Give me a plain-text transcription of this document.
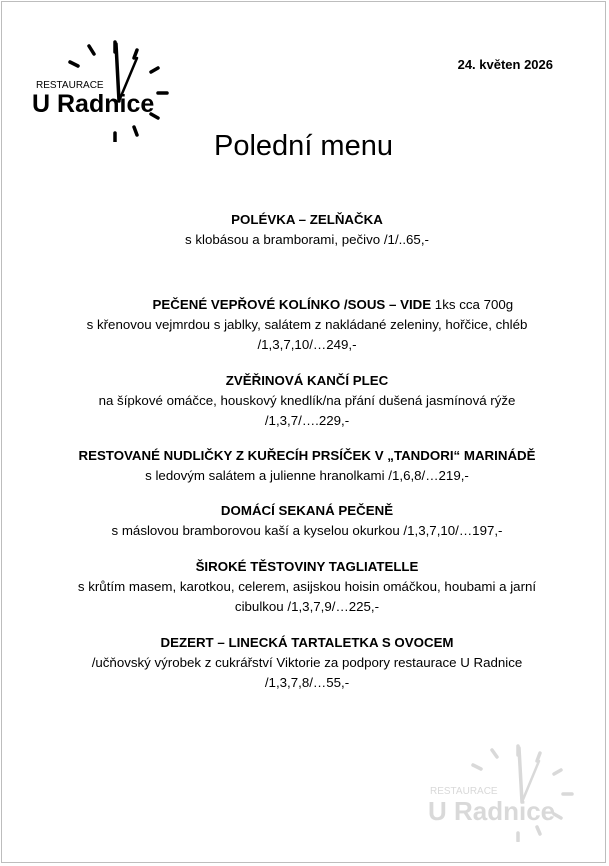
RESTAURACE
U Radnice
24. květen 2026
Polední menu
POLÉVKA – ZELŇAČKA
s klobásou a bramborami, pečivo /1/..65,-
PEČENÉ VEPŘOVÉ KOLÍNKO /SOUS – VIDE 1ks cca 700g
s křenovou vejmrdou s jablky, salátem z nakládané zeleniny, hořčice, chléb
/1,3,7,10/…249,-
ZVĚŘINOVÁ KANČÍ PLEC
na šípkové omáčce, houskový knedlík/na přání dušená jasmínová rýže
/1,3,7/….229,-
RESTOVANÉ NUDLIČKY Z KUŘECÍH PRSÍČEK V „TANDORI“ MARINÁDĚ
s ledovým salátem a julienne hranolkami /1,6,8/…219,-
DOMÁCÍ SEKANÁ PEČENĚ
s máslovou bramborovou kaší a kyselou okurkou /1,3,7,10/…197,-
ŠIROKÉ TĚSTOVINY TAGLIATELLE
s krůtím masem, karotkou, celerem, asijskou hoisin omáčkou, houbami a jarní
cibulkou /1,3,7,9/…225,-
DEZERT – LINECKÁ TARTALETKA S OVOCEM
/učňovský výrobek z cukrářství Viktorie za podpory restaurace U Radnice
/1,3,7,8/…55,-
RESTAURACE
U Radnice
